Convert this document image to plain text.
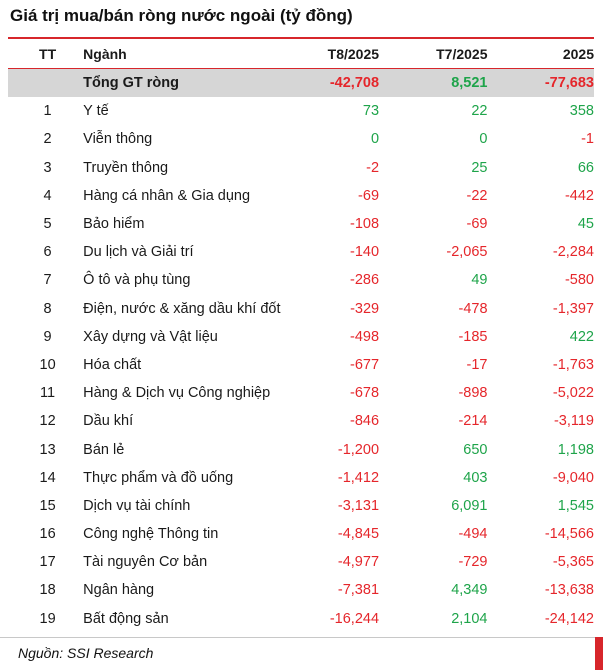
Giá trị mua/bán ròng nước ngoài (tỷ đồng)
TT	Ngành	T8/2025	T7/2025	2025
Tổng GT ròng	-42,708	8,521	-77,683
1	Y tế	73	22	358
2	Viễn thông	0	0	-1
3	Truyền thông	-2	25	66
4	Hàng cá nhân & Gia dụng	-69	-22	-442
5	Bảo hiểm	-108	-69	45
6	Du lịch và Giải trí	-140	-2,065	-2,284
7	Ô tô và phụ tùng	-286	49	-580
8	Điện, nước & xăng dầu khí đốt	-329	-478	-1,397
9	Xây dựng và Vật liệu	-498	-185	422
10	Hóa chất	-677	-17	-1,763
11	Hàng & Dịch vụ Công nghiệp	-678	-898	-5,022
12	Dầu khí	-846	-214	-3,119
13	Bán lẻ	-1,200	650	1,198
14	Thực phẩm và đồ uống	-1,412	403	-9,040
15	Dịch vụ tài chính	-3,131	6,091	1,545
16	Công nghệ Thông tin	-4,845	-494	-14,566
17	Tài nguyên Cơ bản	-4,977	-729	-5,365
18	Ngân hàng	-7,381	4,349	-13,638
19	Bất động sản	-16,244	2,104	-24,142
Nguồn: SSI Research
